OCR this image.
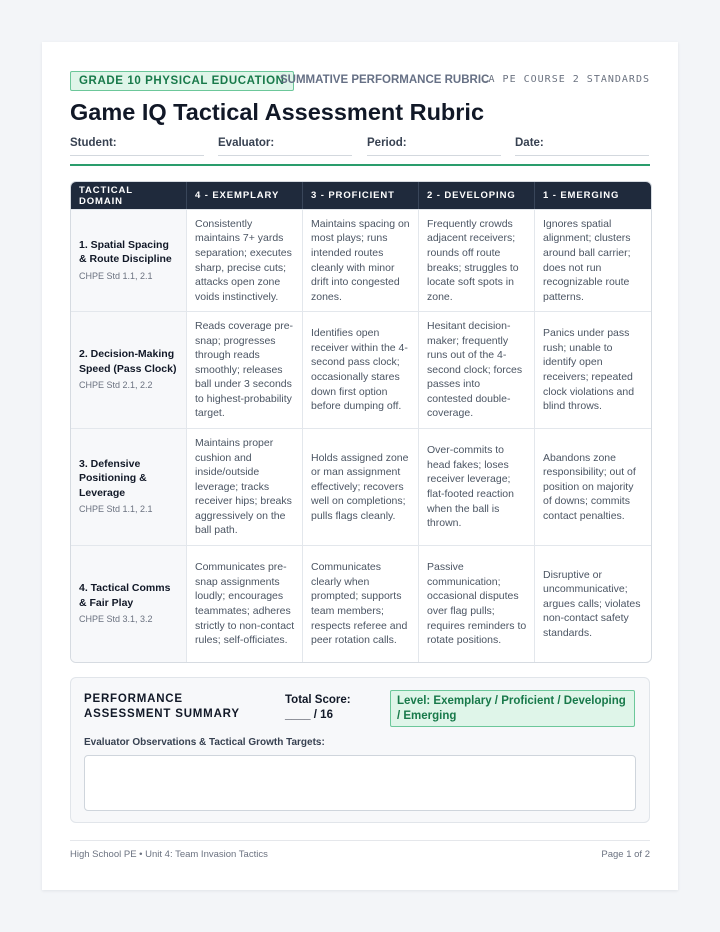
GRADE 10 PHYSICAL EDUCATION
SUMMATIVE PERFORMANCE RUBRIC
CA PE COURSE 2 STANDARDS
Game IQ Tactical Assessment Rubric
Student:	Evaluator:	Period:	Date:
TACTICAL DOMAIN	4 - EXEMPLARY	3 - PROFICIENT	2 - DEVELOPING	1 - EMERGING

1. Spatial Spacing & Route Discipline
CHPE Std 1.1, 2.1	Consistently maintains 7+ yards separation; executes sharp, precise cuts; attacks open zone voids instinctively.	Maintains spacing on most plays; runs intended routes cleanly with minor drift into congested zones.	Frequently crowds adjacent receivers; rounds off route breaks; struggles to locate soft spots in zone.	Ignores spatial alignment; clusters around ball carrier; does not run recognizable route patterns.

2. Decision-Making Speed (Pass Clock)
CHPE Std 2.1, 2.2	Reads coverage pre-snap; progresses through reads smoothly; releases ball under 3 seconds to highest-probability target.	Identifies open receiver within the 4-second pass clock; occasionally stares down first option before dumping off.	Hesitant decision-maker; frequently runs out of the 4-second clock; forces passes into contested double-coverage.	Panics under pass rush; unable to identify open receivers; repeated clock violations and blind throws.

3. Defensive Positioning & Leverage
CHPE Std 1.1, 2.1	Maintains proper cushion and inside/outside leverage; tracks receiver hips; breaks aggressively on the ball path.	Holds assigned zone or man assignment effectively; recovers well on completions; pulls flags cleanly.	Over-commits to head fakes; loses receiver leverage; flat-footed reaction when the ball is thrown.	Abandons zone responsibility; out of position on majority of downs; commits contact penalties.

4. Tactical Comms & Fair Play
CHPE Std 3.1, 3.2	Communicates pre-snap assignments loudly; encourages teammates; adheres strictly to non-contact rules; self-officiates.	Communicates clearly when prompted; supports team members; respects referee and peer rotation calls.	Passive communication; occasional disputes over flag pulls; requires reminders to rotate positions.	Disruptive or uncommunicative; argues calls; violates non-contact safety standards.
PERFORMANCE ASSESSMENT SUMMARY
Total Score: ____ / 16
Level: Exemplary / Proficient / Developing / Emerging
Evaluator Observations & Tactical Growth Targets:
High School PE • Unit 4: Team Invasion Tactics	Page 1 of 2
